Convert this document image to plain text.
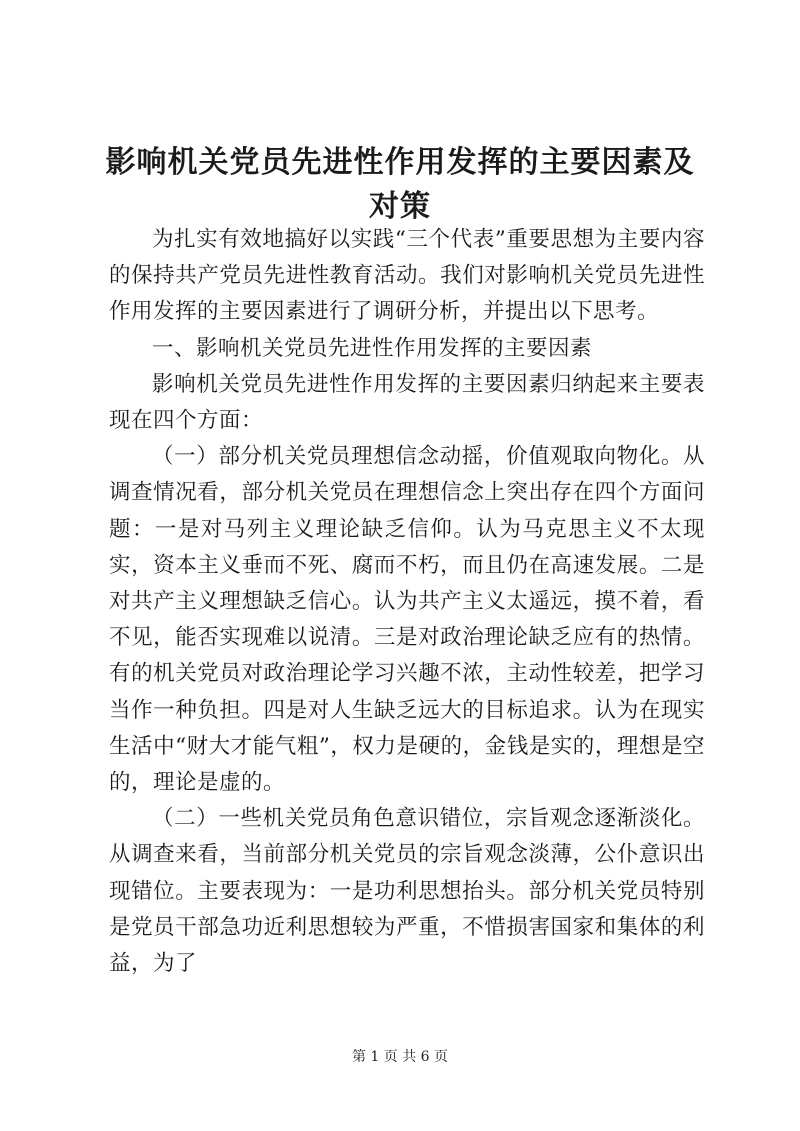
影响机关党员先进性作用发挥的主要因素及对策

为扎实有效地搞好以实践“三个代表”重要思想为主要内容的保持共产党员先进性教育活动。我们对影响机关党员先进性作用发挥的主要因素进行了调研分析，并提出以下思考。

一、影响机关党员先进性作用发挥的主要因素

影响机关党员先进性作用发挥的主要因素归纳起来主要表现在四个方面：

（一）部分机关党员理想信念动摇，价值观取向物化。从调查情况看，部分机关党员在理想信念上突出存在四个方面问题：一是对马列主义理论缺乏信仰。认为马克思主义不太现实，资本主义垂而不死、腐而不朽，而且仍在高速发展。二是对共产主义理想缺乏信心。认为共产主义太遥远，摸不着，看不见，能否实现难以说清。三是对政治理论缺乏应有的热情。有的机关党员对政治理论学习兴趣不浓，主动性较差，把学习当作一种负担。四是对人生缺乏远大的目标追求。认为在现实生活中“财大才能气粗”，权力是硬的，金钱是实的，理想是空的，理论是虚的。

（二）一些机关党员角色意识错位，宗旨观念逐渐淡化。从调查来看，当前部分机关党员的宗旨观念淡薄，公仆意识出现错位。主要表现为：一是功利思想抬头。部分机关党员特别是党员干部急功近利思想较为严重，不惜损害国家和集体的利益，为了

第 1 页 共 6 页
